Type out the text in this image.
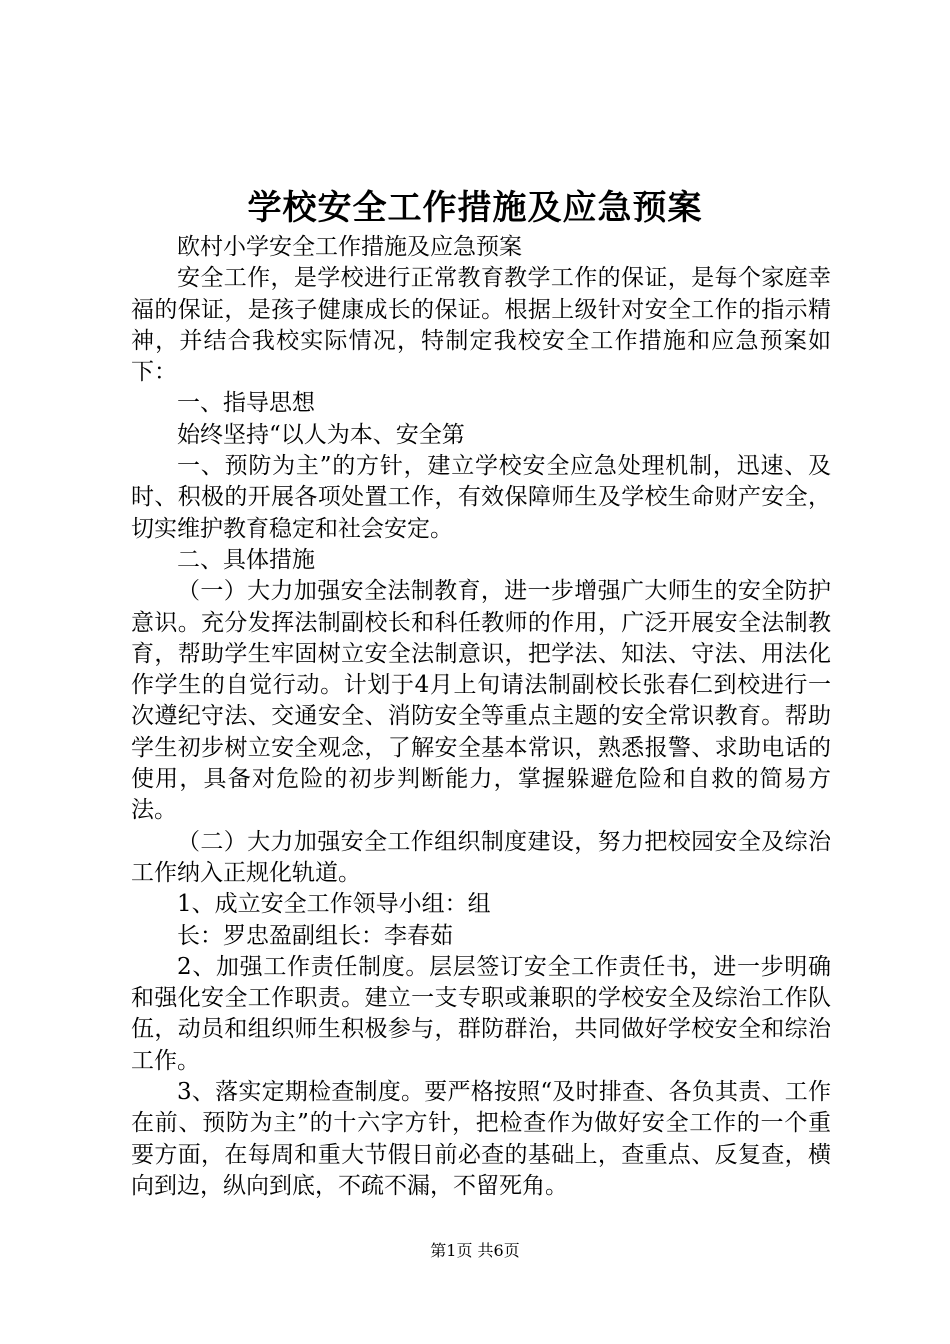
学校安全工作措施及应急预案

欧村小学安全工作措施及应急预案

安全工作，是学校进行正常教育教学工作的保证，是每个家庭幸福的保证，是孩子健康成长的保证。根据上级针对安全工作的指示精神，并结合我校实际情况，特制定我校安全工作措施和应急预案如下：

一、指导思想

始终坚持“以人为本、安全第

一、预防为主”的方针，建立学校安全应急处理机制，迅速、及时、积极的开展各项处置工作，有效保障师生及学校生命财产安全，切实维护教育稳定和社会安定。

二、具体措施

（一）大力加强安全法制教育，进一步增强广大师生的安全防护意识。充分发挥法制副校长和科任教师的作用，广泛开展安全法制教育，帮助学生牢固树立安全法制意识，把学法、知法、守法、用法化作学生的自觉行动。计划于4月上旬请法制副校长张春仁到校进行一次遵纪守法、交通安全、消防安全等重点主题的安全常识教育。帮助学生初步树立安全观念，了解安全基本常识，熟悉报警、求助电话的使用，具备对危险的初步判断能力，掌握躲避危险和自救的简易方法。

（二）大力加强安全工作组织制度建设，努力把校园安全及综治工作纳入正规化轨道。

1、成立安全工作领导小组：组

长：罗忠盈副组长：李春茹

2、加强工作责任制度。层层签订安全工作责任书，进一步明确和强化安全工作职责。建立一支专职或兼职的学校安全及综治工作队伍，动员和组织师生积极参与，群防群治，共同做好学校安全和综治工作。

3、落实定期检查制度。要严格按照“及时排查、各负其责、工作在前、预防为主”的十六字方针，把检查作为做好安全工作的一个重要方面，在每周和重大节假日前必查的基础上，查重点、反复查，横向到边，纵向到底，不疏不漏，不留死角。

第1页 共6页
